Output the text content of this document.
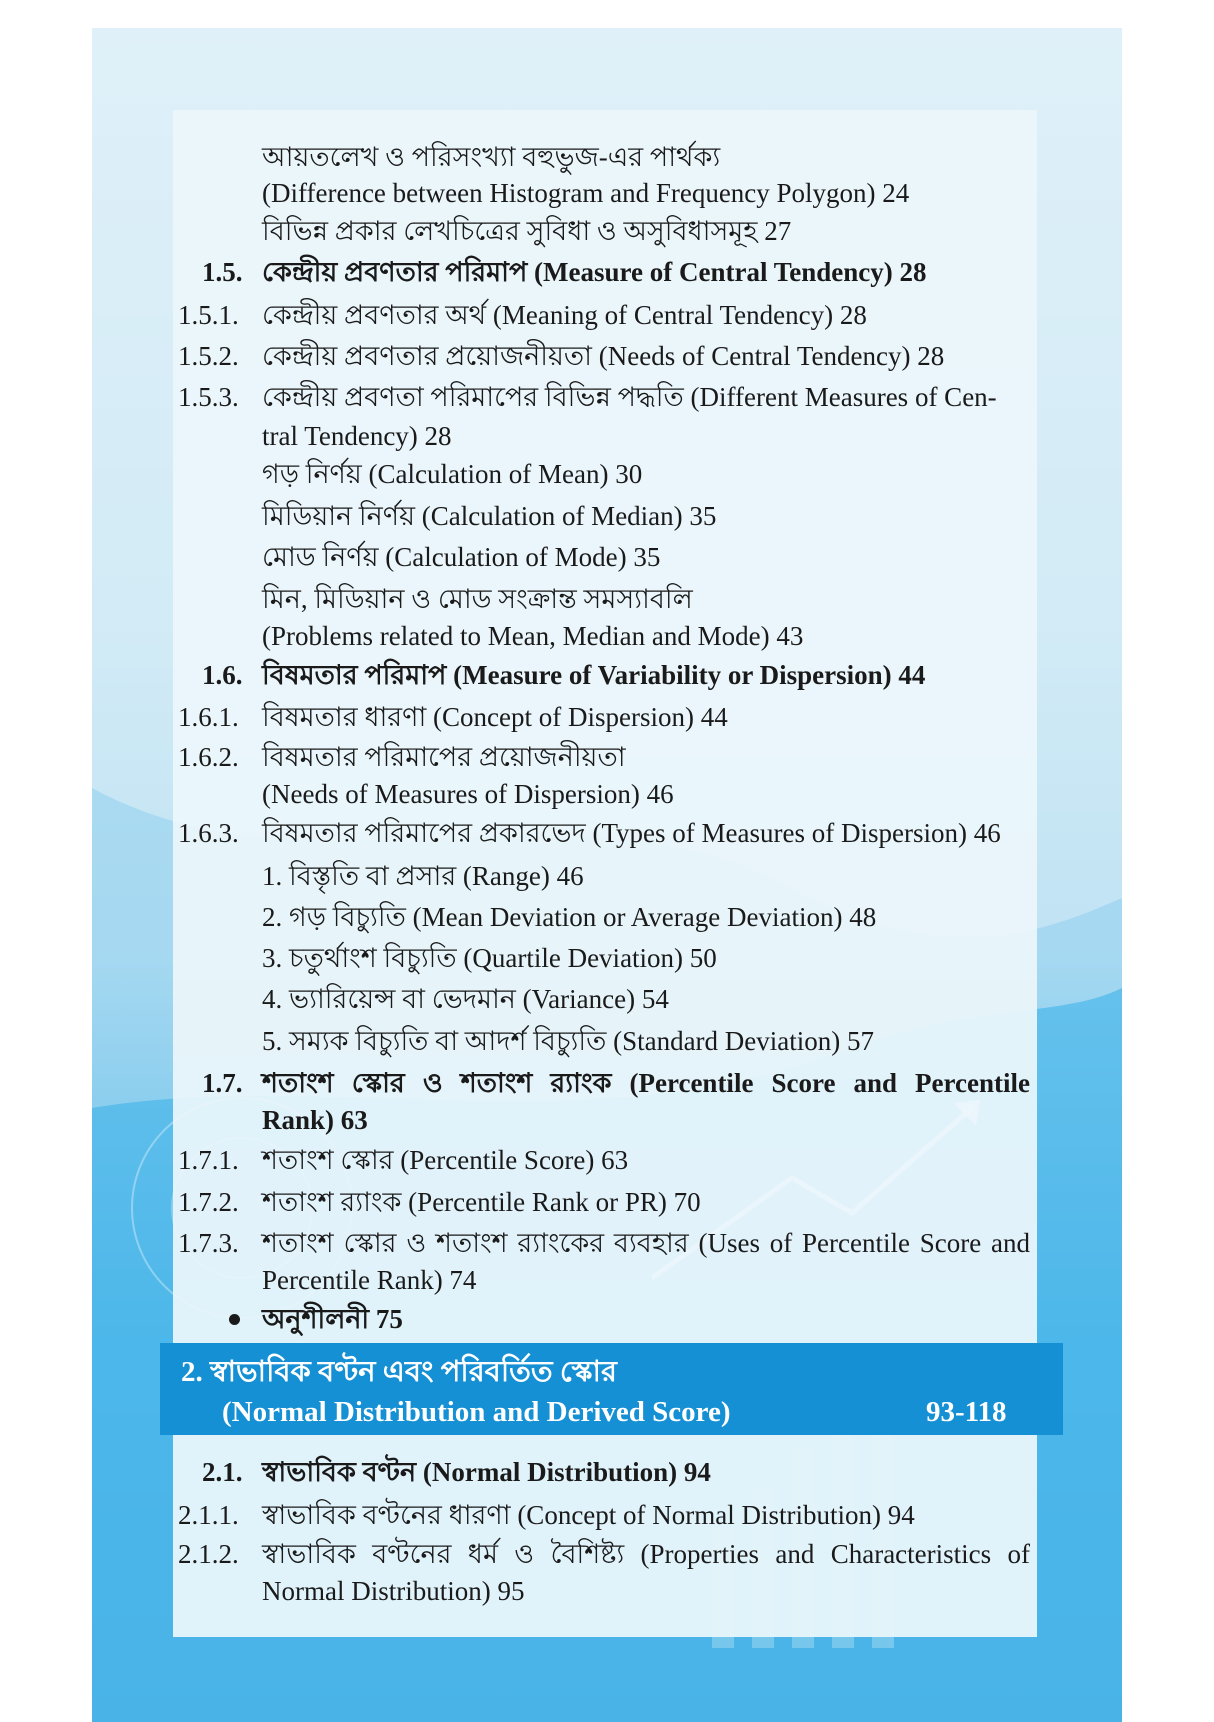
আয়তলেখ ও পরিসংখ্যা বহুভুজ-এর পার্থক্য
(Difference between Histogram and Frequency Polygon) 24
বিভিন্ন প্রকার লেখচিত্রের সুবিধা ও অসুবিধাসমূহ 27
1.5. কেন্দ্রীয় প্রবণতার পরিমাপ (Measure of Central Tendency) 28
1.5.1. কেন্দ্রীয় প্রবণতার অর্থ (Meaning of Central Tendency) 28
1.5.2. কেন্দ্রীয় প্রবণতার প্রয়োজনীয়তা (Needs of Central Tendency) 28
1.5.3. কেন্দ্রীয় প্রবণতা পরিমাপের বিভিন্ন পদ্ধতি (Different Measures of Cen-
tral Tendency) 28
গড় নির্ণয় (Calculation of Mean) 30
মিডিয়ান নির্ণয় (Calculation of Median) 35
মোড নির্ণয় (Calculation of Mode) 35
মিন, মিডিয়ান ও মোড সংক্রান্ত সমস্যাবলি
(Problems related to Mean, Median and Mode) 43
1.6. বিষমতার পরিমাপ (Measure of Variability or Dispersion) 44
1.6.1. বিষমতার ধারণা (Concept of Dispersion) 44
1.6.2. বিষমতার পরিমাপের প্রয়োজনীয়তা
(Needs of Measures of Dispersion) 46
1.6.3. বিষমতার পরিমাপের প্রকারভেদ (Types of Measures of Dispersion) 46
1. বিস্তৃতি বা প্রসার (Range) 46
2. গড় বিচ্যুতি (Mean Deviation or Average Deviation) 48
3. চতুর্থাংশ বিচ্যুতি (Quartile Deviation) 50
4. ভ্যারিয়েন্স বা ভেদমান (Variance) 54
5. সম্যক বিচ্যুতি বা আদর্শ বিচ্যুতি (Standard Deviation) 57
1.7. শতাংশ স্কোর ও শতাংশ র‍্যাংক (Percentile Score and Percentile
Rank) 63
1.7.1. শতাংশ স্কোর (Percentile Score) 63
1.7.2. শতাংশ র‍্যাংক (Percentile Rank or PR) 70
1.7.3. শতাংশ স্কোর ও শতাংশ র‍্যাংকের ব্যবহার (Uses of Percentile Score and
Percentile Rank) 74
অনুশীলনী 75
2. স্বাভাবিক বণ্টন এবং পরিবর্তিত স্কোর
(Normal Distribution and Derived Score)	93-118
2.1. স্বাভাবিক বণ্টন (Normal Distribution) 94
2.1.1. স্বাভাবিক বণ্টনের ধারণা (Concept of Normal Distribution) 94
2.1.2. স্বাভাবিক বণ্টনের ধর্ম ও বৈশিষ্ট্য (Properties and Characteristics of
Normal Distribution) 95
